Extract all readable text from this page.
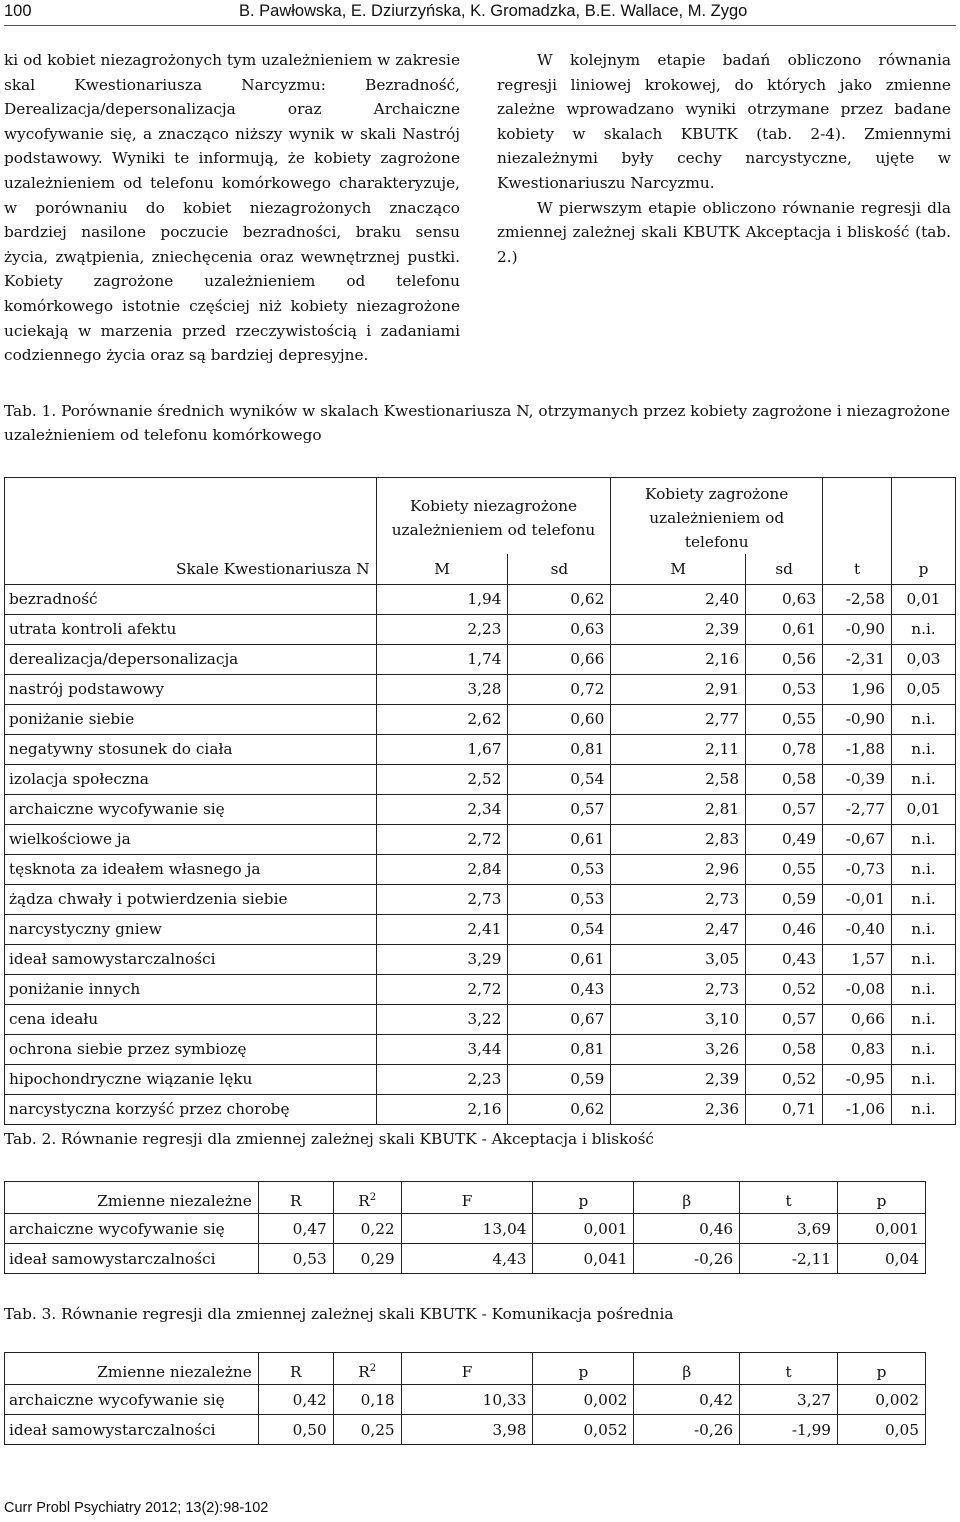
100	B. Pawłowska, E. Dziurzyńska, K. Gromadzka, B.E. Wallace, M. Zygo

ki od kobiet niezagrożonych tym uzależnieniem w zakresie skal Kwestionariusza Narcyzmu: Bezradność, Derealizacja/depersonalizacja oraz Archaiczne wycofywanie się, a znacząco niższy wynik w skali Nastrój podstawowy. Wyniki te informują, że kobiety zagrożone uzależnieniem od telefonu komórkowego charakteryzuje, w porównaniu do kobiet niezagrożonych znacząco bardziej nasilone poczucie bezradności, braku sensu życia, zwątpienia, zniechęcenia oraz wewnętrznej pustki. Kobiety zagrożone uzależnieniem od telefonu komórkowego istotnie częściej niż kobiety niezagrożone uciekają w marzenia przed rzeczywistością i zadaniami codziennego życia oraz są bardziej depresyjne.

W kolejnym etapie badań obliczono równania regresji liniowej krokowej, do których jako zmienne zależne wprowadzano wyniki otrzymane przez badane kobiety w skalach KBUTK (tab. 2-4). Zmiennymi niezależnymi były cechy narcystyczne, ujęte w Kwestionariuszu Narcyzmu.

W pierwszym etapie obliczono równanie regresji dla zmiennej zależnej skali KBUTK Akceptacja i bliskość (tab. 2.)

Tab. 1. Porównanie średnich wyników w skalach Kwestionariusza N, otrzymanych przez kobiety zagrożone i niezagrożone uzależnieniem od telefonu komórkowego
	Kobiety niezagrożone uzależnieniem od telefonu		Kobiety zagrożone uzależnieniem od telefonu			
Skale Kwestionariusza N	M	sd	M	sd	t	p
bezradność	1,94	0,62	2,40	0,63	-2,58	0,01
utrata kontroli afektu	2,23	0,63	2,39	0,61	-0,90	n.i.
derealizacja/depersonalizacja	1,74	0,66	2,16	0,56	-2,31	0,03
nastrój podstawowy	3,28	0,72	2,91	0,53	1,96	0,05
poniżanie siebie	2,62	0,60	2,77	0,55	-0,90	n.i.
negatywny stosunek do ciała	1,67	0,81	2,11	0,78	-1,88	n.i.
izolacja społeczna	2,52	0,54	2,58	0,58	-0,39	n.i.
archaiczne wycofywanie się	2,34	0,57	2,81	0,57	-2,77	0,01
wielkościowe ja	2,72	0,61	2,83	0,49	-0,67	n.i.
tęsknota za ideałem własnego ja	2,84	0,53	2,96	0,55	-0,73	n.i.
żądza chwały i potwierdzenia siebie	2,73	0,53	2,73	0,59	-0,01	n.i.
narcystyczny gniew	2,41	0,54	2,47	0,46	-0,40	n.i.
ideał samowystarczalności	3,29	0,61	3,05	0,43	1,57	n.i.
poniżanie innych	2,72	0,43	2,73	0,52	-0,08	n.i.
cena ideału	3,22	0,67	3,10	0,57	0,66	n.i.
ochrona siebie przez symbiozę	3,44	0,81	3,26	0,58	0,83	n.i.
hipochondryczne wiązanie lęku	2,23	0,59	2,39	0,52	-0,95	n.i.
narcystyczna korzyść przez chorobę	2,16	0,62	2,36	0,71	-1,06	n.i.
Tab. 2. Równanie regresji dla zmiennej zależnej skali KBUTK - Akceptacja i bliskość
Zmienne niezależne	R	$R^2$	F	p	β	t	p
archaiczne wycofywanie się	0,47	0,22	13,04	0,001	0,46	3,69	0,001
ideał samowystarczalności	0,53	0,29	4,43	0,041	-0,26	-2,11	0,04
Tab. 3. Równanie regresji dla zmiennej zależnej skali KBUTK - Komunikacja pośrednia
Zmienne niezależne	R	$R^2$	F	p	β	t	p
archaiczne wycofywanie się	0,42	0,18	10,33	0,002	0,42	3,27	0,002
ideał samowystarczalności	0,50	0,25	3,98	0,052	-0,26	-1,99	0,05
Curr Probl Psychiatry 2012; 13(2):98-102
